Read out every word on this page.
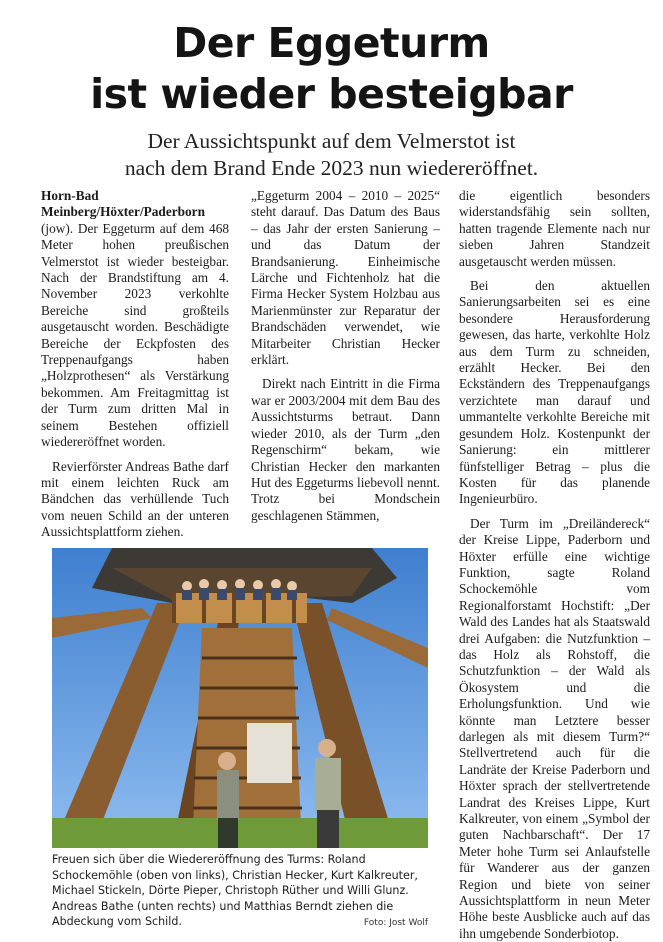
Der Eggeturm
ist wieder besteigbar
Der Aussichtspunkt auf dem Velmerstot ist
nach dem Brand Ende 2023 nun wiedereröffnet.

Horn-Bad Meinberg/Höxter/Paderborn (jow). Der Eggeturm auf dem 468 Meter hohen preußischen Velmerstot ist wieder besteigbar. Nach der Brandstiftung am 4. November 2023 verkohlte Bereiche sind großteils ausgetauscht worden. Beschädigte Bereiche der Eckpfosten des Treppenaufgangs haben „Holzprothesen“ als Verstärkung bekommen. Am Freitagmittag ist der Turm zum dritten Mal in seinem Bestehen offiziell wiedereröffnet worden.

Revierförster Andreas Bathe darf mit einem leichten Ruck am Bändchen das verhüllende Tuch vom neuen Schild an der unteren Aussichtsplattform ziehen.

„Eggeturm 2004 – 2010 – 2025“ steht darauf. Das Datum des Baus – das Jahr der ersten Sanierung – und das Datum der Brandsanierung. Einheimische Lärche und Fichtenholz hat die Firma Hecker System Holzbau aus Marienmünster zur Reparatur der Brandschäden verwendet, wie Mitarbeiter Christian Hecker erklärt.

Direkt nach Eintritt in die Firma war er 2003/2004 mit dem Bau des Aussichtsturms betraut. Dann wieder 2010, als der Turm „den Regenschirm“ bekam, wie Christian Hecker den markanten Hut des Eggeturms liebevoll nennt. Trotz bei Mondschein geschlagenen Stämmen,

die eigentlich besonders widerstandsfähig sein sollten, hatten tragende Elemente nach nur sieben Jahren Standzeit ausgetauscht werden müssen.

Bei den aktuellen Sanierungsarbeiten sei es eine besondere Herausforderung gewesen, das harte, verkohlte Holz aus dem Turm zu schneiden, erzählt Hecker. Bei den Eckständern des Treppenaufgangs verzichtete man darauf und ummantelte verkohlte Bereiche mit gesundem Holz. Kostenpunkt der Sanierung: ein mittlerer fünfstelliger Betrag – plus die Kosten für das planende Ingenieurbüro.

Der Turm im „Dreiländereck“ der Kreise Lippe, Paderborn und Höxter erfülle eine wichtige Funktion, sagte Roland Schockemöhle vom Regionalforstamt Hochstift: „Der Wald des Landes hat als Staatswald drei Aufgaben: die Nutzfunktion – das Holz als Rohstoff, die Schutzfunktion – der Wald als Ökosystem und die Erholungsfunktion. Und wie könnte man Letztere besser darlegen als mit diesem Turm?“ Stellvertretend auch für die Landräte der Kreise Paderborn und Höxter sprach der stellvertretende Landrat des Kreises Lippe, Kurt Kalkreuter, von einem „Symbol der guten Nachbarschaft“. Der 17 Meter hohe Turm sei Anlaufstelle für Wanderer aus der ganzen Region und biete von seiner Aussichtsplattform in neun Meter Höhe beste Ausblicke auch auf das ihn umgebende Sonderbiotop.

Freuen sich über die Wiedereröffnung des Turms: Roland Schockemöhle (oben von links), Christian Hecker, Kurt Kalkreuter, Michael Stickeln, Dörte Pieper, Christoph Rüther und Willi Glunz. Andreas Bathe (unten rechts) und Matthias Berndt ziehen die Abdeckung vom Schild.	Foto: Jost Wolf
